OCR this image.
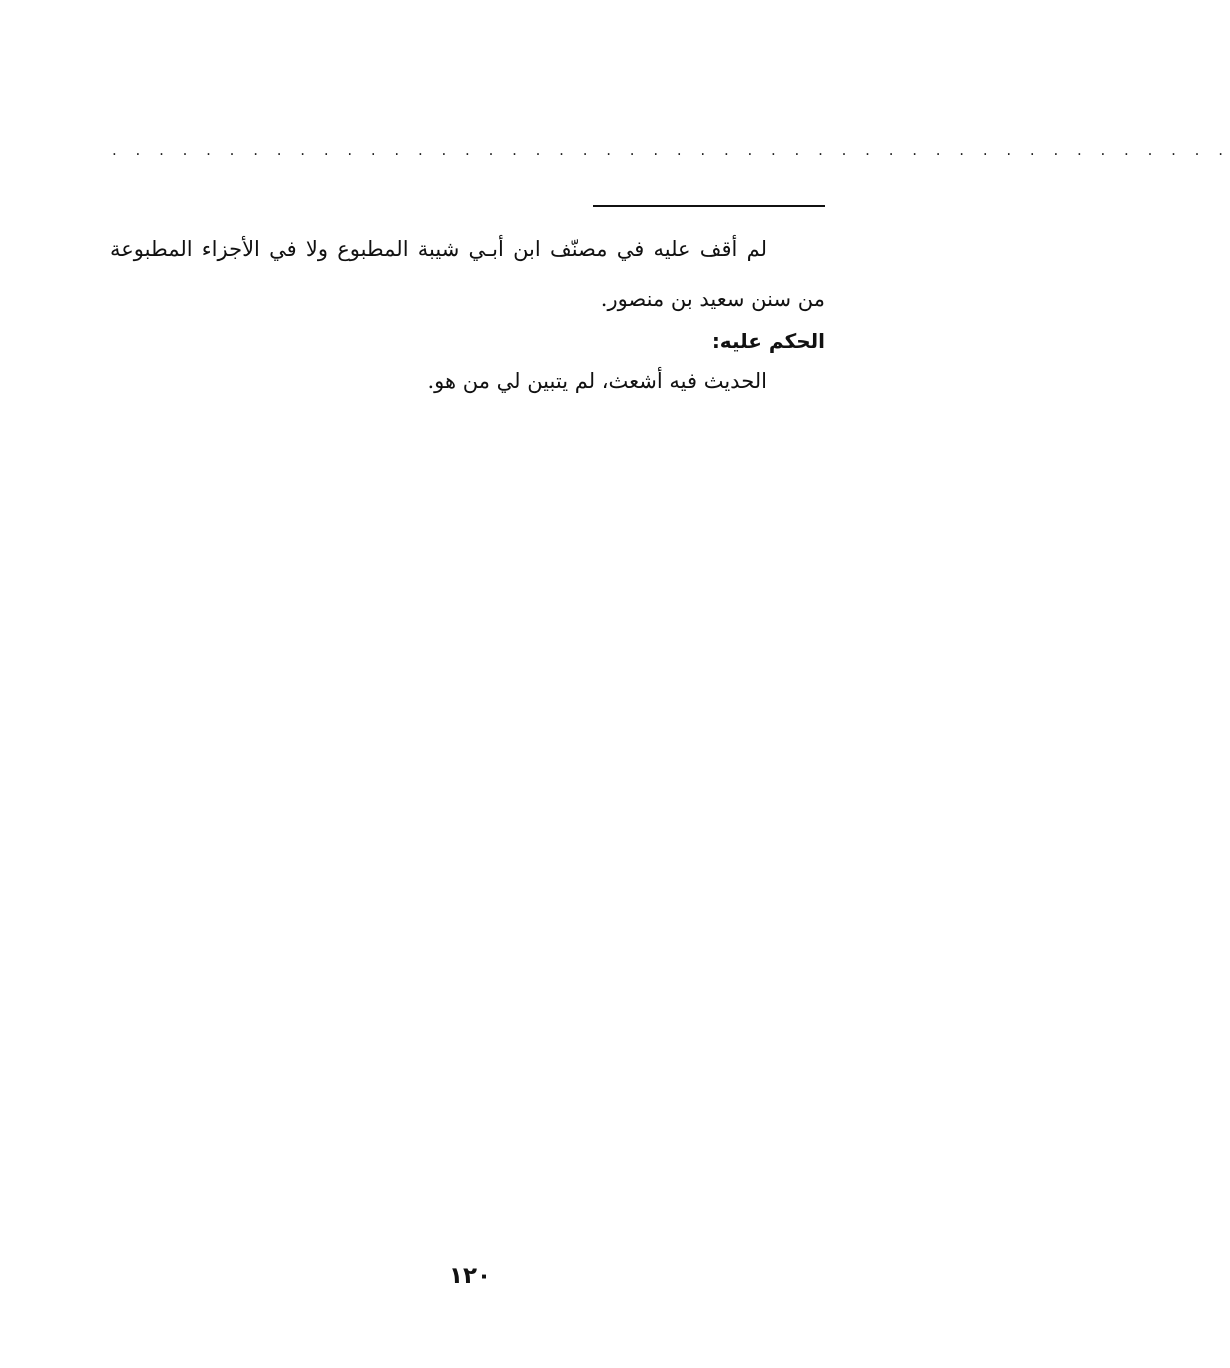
. . . . . . . . . . . . . . . . . . . . . . . . . . . . . . . . . . . . . . . . . . . . . . . .

لم أقف عليه في مصنّف ابن أبـي شيبة المطبوع ولا في الأجزاء المطبوعة من سنن سعيد بن منصور.

الحكم عليه:

الحديث فيه أشعث، لم يتبين لي من هو.

١٢٠
